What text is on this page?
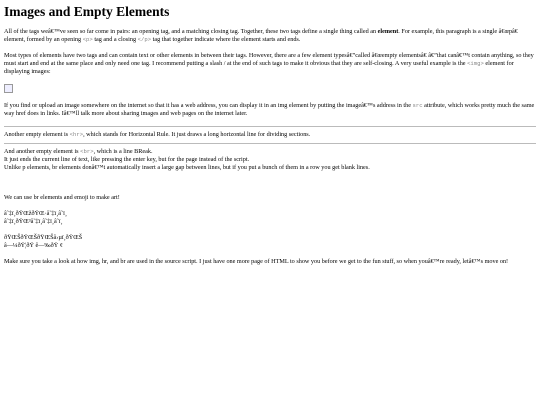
Images and Empty Elements

All of the tags weâ€™ve seen so far come in pairs: an opening tag, and a matching closing tag. Together, these two tags define a single thing called an element. For example, this paragraph is a single â€œpâ€ element, formed by an opening <p> tag and a closing </p> tag that together indicate where the element starts and ends.

Most types of elements have two tags and can contain text or other elements in between their tags. However, there are a few element typesâ€”called â€œempty elementsâ€ â€”that canâ€™t contain anything, so they must start and end at the same place and only need one tag. I recommend putting a slash / at the end of such tags to make it obvious that they are self-closing. A very useful example is the <img> element for displaying images:

If you find or upload an image somewhere on the internet so that it has a web address, you can display it in an img element by putting the imageâ€™s address in the src attribute, which works pretty much the same way href does in links. Iâ€™ll talk more about sharing images and web pages on the internet later.

Another empty element is <hr>, which stands for Horizontal Rule. It just draws a long horizontal line for dividing sections.

And another empty element is <br>, which is a line BReak.
It just ends the current line of text, like pressing the enter key, but for the page instead of the script.
Unlike p elements, br elements donâ€™t automatically insert a large gap between lines, but if you put a bunch of them in a row you get blank lines.

We can use br elements and emoji to make art!

â˜‡ï¸ðŸŒžðŸŒ·â˜‡ï¸â˜ï¸
â˜‡ï¸ðŸŒ³â˜‡ï¸â˜‡ï¸â˜ï¸
ðŸŒŠðŸŒŠðŸŒŠâ›µï¸ðŸŒŠ
â—¼ðŸ¦ðŸ ê—‰ðŸ ¢

Make sure you take a look at how img, hr, and br are used in the source script. I just have one more page of HTML to show you before we get to the fun stuff, so when youâ€™re ready, letâ€™s move on!
